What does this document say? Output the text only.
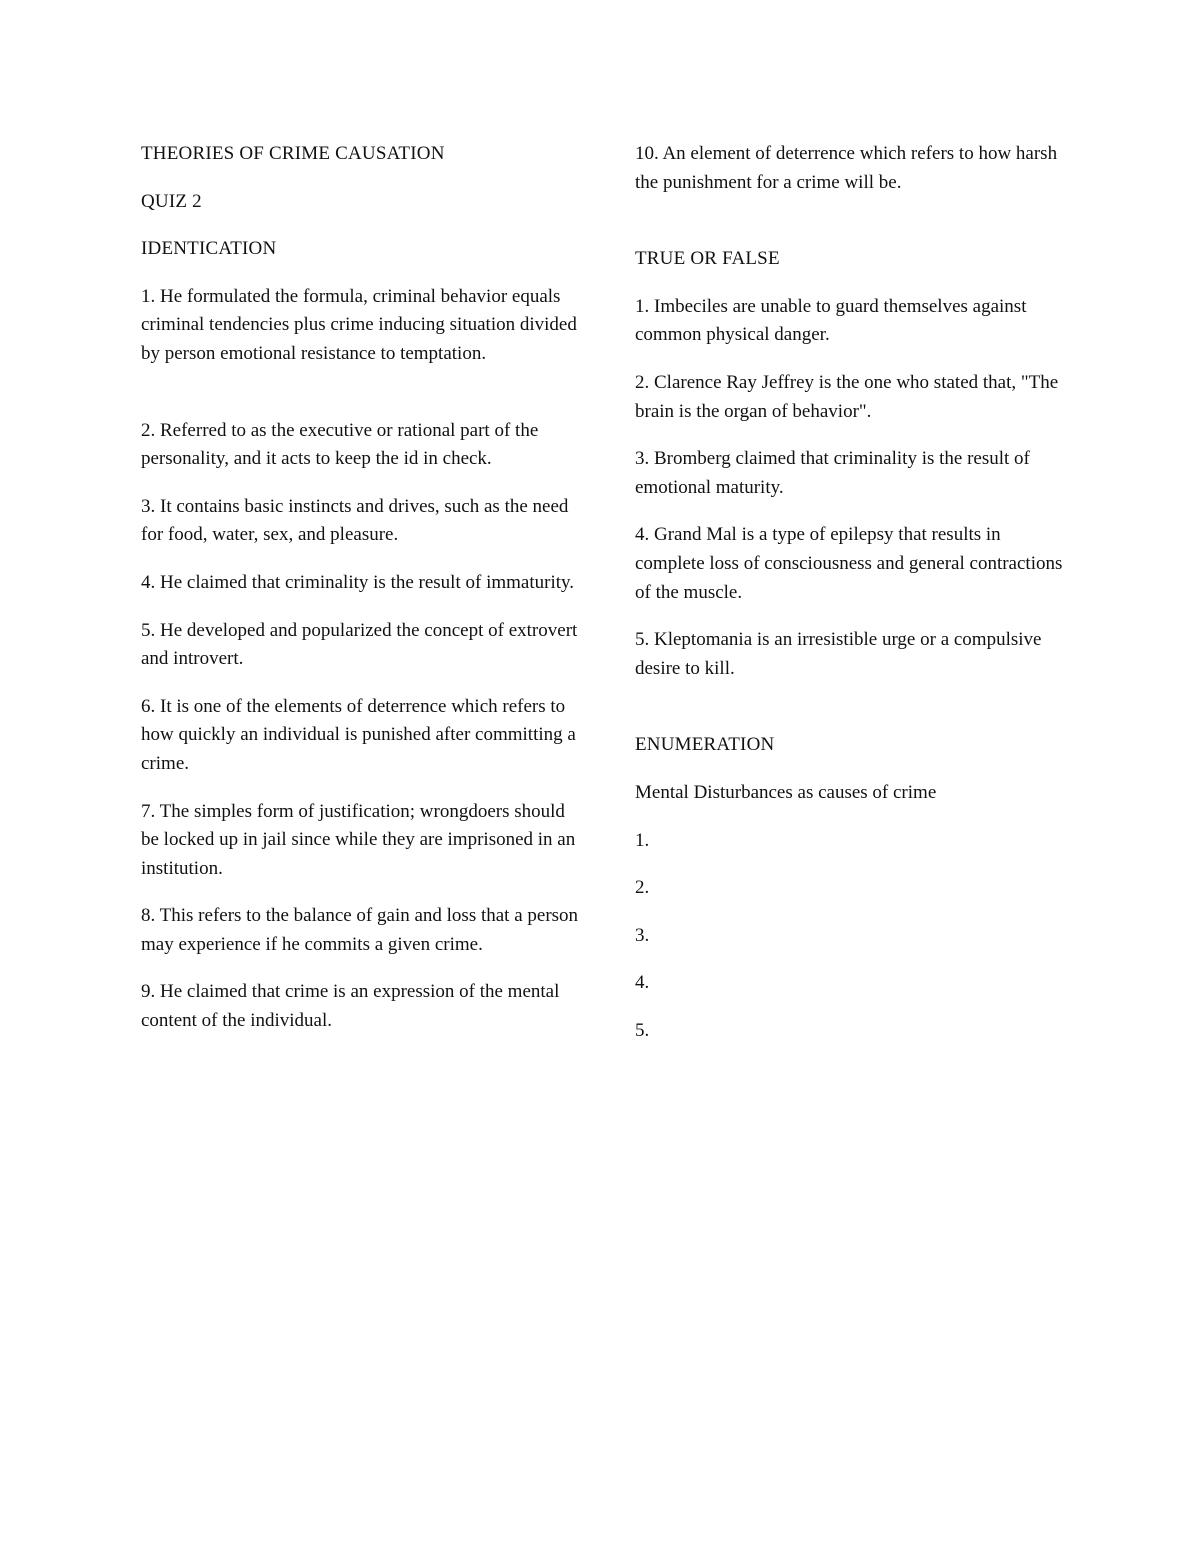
THEORIES OF CRIME CAUSATION

QUIZ 2

IDENTICATION

1. He formulated the formula, criminal behavior equals criminal tendencies plus crime inducing situation divided by person emotional resistance to temptation.

2. Referred to as the executive or rational part of the personality, and it acts to keep the id in check.

3. It contains basic instincts and drives, such as the need for food, water, sex, and pleasure.

4. He claimed that criminality is the result of immaturity.

5. He developed and popularized the concept of extrovert and introvert.

6. It is one of the elements of deterrence which refers to how quickly an individual is punished after committing a crime.

7. The simples form of justification; wrongdoers should be locked up in jail since while they are imprisoned in an institution.

8. This refers to the balance of gain and loss that a person may experience if he commits a given crime.

9. He claimed that crime is an expression of the mental content of the individual.

10. An element of deterrence which refers to how harsh the punishment for a crime will be.

TRUE OR FALSE

1. Imbeciles are unable to guard themselves against common physical danger.

2. Clarence Ray Jeffrey is the one who stated that, "The brain is the organ of behavior".

3. Bromberg claimed that criminality is the result of emotional maturity.

4. Grand Mal is a type of epilepsy that results in complete loss of consciousness and general contractions of the muscle.

5. Kleptomania is an irresistible urge or a compulsive desire to kill.

ENUMERATION

Mental Disturbances as causes of crime

1.

2.

3.

4.

5.
